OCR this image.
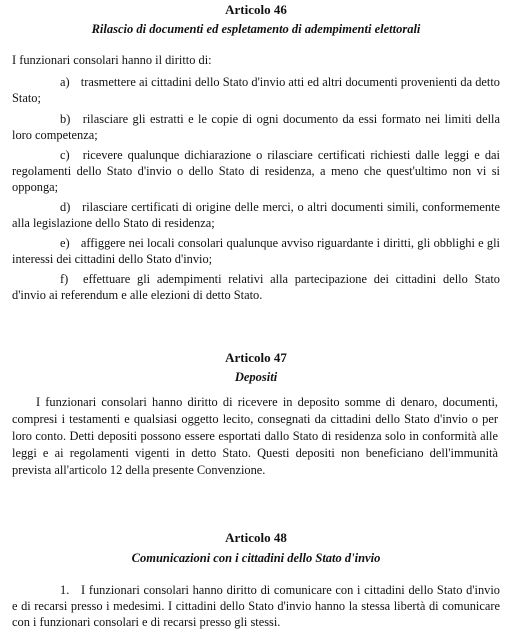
Articolo 46
Rilascio di documenti ed espletamento di adempimenti elettorali

I funzionari consolari hanno il diritto di:

a) trasmettere ai cittadini dello Stato d'invio atti ed altri documenti provenienti da detto Stato;

b) rilasciare gli estratti e le copie di ogni documento da essi formato nei limiti della loro competenza;

c) ricevere qualunque dichiarazione o rilasciare certificati richiesti dalle leggi e dai regolamenti dello Stato d'invio o dello Stato di residenza, a meno che quest'ultimo non vi si opponga;

d) rilasciare certificati di origine delle merci, o altri documenti simili, conformemente alla legislazione dello Stato di residenza;

e) affiggere nei locali consolari qualunque avviso riguardante i diritti, gli obblighi e gli interessi dei cittadini dello Stato d'invio;

f) effettuare gli adempimenti relativi alla partecipazione dei cittadini dello Stato d'invio ai referendum e alle elezioni di detto Stato.

Articolo 47
Depositi

I funzionari consolari hanno diritto di ricevere in deposito somme di denaro, documenti, compresi i testamenti e qualsiasi oggetto lecito, consegnati da cittadini dello Stato d'invio o per loro conto. Detti depositi possono essere esportati dallo Stato di residenza solo in conformità alle leggi e ai regolamenti vigenti in detto Stato. Questi depositi non beneficiano dell'immunità prevista all'articolo 12 della presente Convenzione.

Articolo 48
Comunicazioni con i cittadini dello Stato d'invio

1. I funzionari consolari hanno diritto di comunicare con i cittadini dello Stato d'invio e di recarsi presso i medesimi. I cittadini dello Stato d'invio hanno la stessa libertà di comunicare con i funzionari consolari e di recarsi presso gli stessi.
